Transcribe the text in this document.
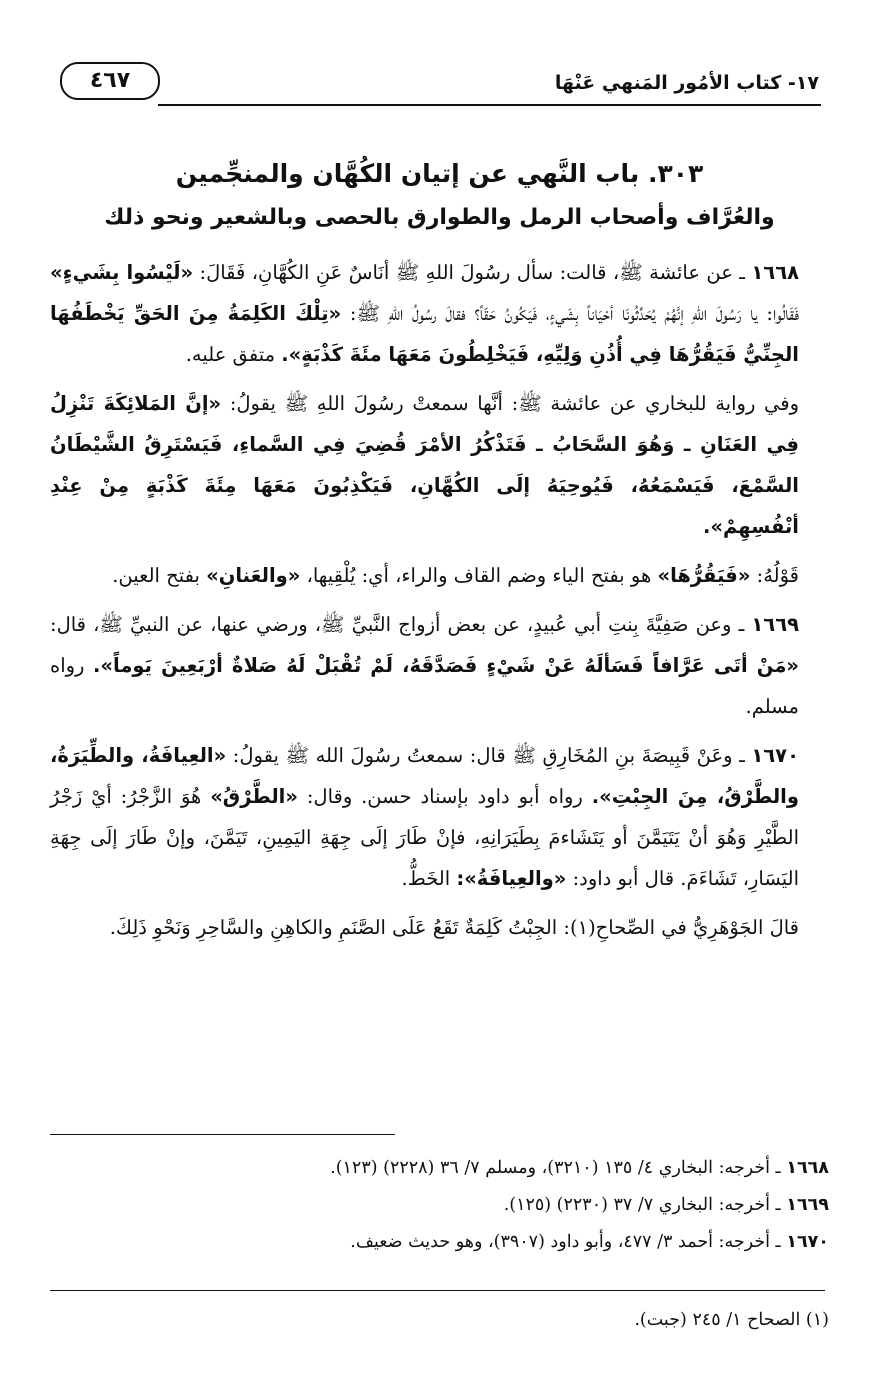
١٧- كتاب الأمُور المَنهي عَنْهَا
٤٦٧
٣٠٣. باب النَّهي عن إتيان الكُهَّان والمنجِّمين
والعُرَّاف وأصحاب الرمل والطوارق بالحصى وبالشعير ونحو ذلك

١٦٦٨ ـ عن عائشة ﷺ، قالت: سأل رسُولَ اللهِ ﷺ أنَاسٌ عَنِ الكُهَّانِ، فَقَالَ: «لَيْسُوا بِشَيءٍ» فَقَالُوا: يا رَسُولَ اللهِ إنَّهُمْ يُحَدِّثُونَا أحْيَاناً بِشَيءٍ، فَيَكُونُ حَقّاً؟ فقالَ رسُولُ اللهِ ﷺ: «تِلْكَ الكَلِمَةُ مِنَ الحَقِّ يَخْطَفُهَا الجِنِّيُّ فَيَقُرُّهَا فِي أُذُنِ وَلِيِّهِ، فَيَخْلِطُونَ مَعَهَا مئَةَ كَذْبَةٍ». متفق عليه.

وفي رواية للبخاري عن عائشة ﷺ: أنَّها سمعتْ رسُولَ اللهِ ﷺ يقولُ: «إنَّ المَلائِكَةَ تَنْزِلُ فِي العَنَانِ ـ وَهُوَ السَّحَابُ ـ فَتَذْكُرُ الأمْرَ قُضِيَ فِي السَّماءِ، فَيَسْتَرِقُ الشَّيْطَانُ السَّمْعَ، فَيَسْمَعُهُ، فَيُوحِيَهُ إلَى الكُهَّانِ، فَيَكْذِبُونَ مَعَهَا مِئَةَ كَذْبَةٍ مِنْ عِنْدِ أنْفُسِهِمْ».

قَوْلُهُ: «فَيَقُرُّهَا» هو بفتح الياء وضم القاف والراء، أي: يُلْقِيها، «والعَنانِ» بفتح العين.

١٦٦٩ ـ وعن صَفِيَّةَ بِنتِ أبي عُبيدٍ، عن بعض أزواج النَّبيِّ ﷺ، ورضي عنها، عن النبيِّ ﷺ، قال: «مَنْ أتَى عَرَّافاً فَسَألَهُ عَنْ شَيْءٍ فَصَدَّقَهُ، لَمْ تُقْبَلْ لَهُ صَلاةٌ أرْبَعِينَ يَوماً». رواه مسلم.

١٦٧٠ ـ وعَنْ قَبِيصَةَ بنِ المُخَارِقِ ﷺ قال: سمعتُ رسُولَ الله ﷺ يقولُ: «العِيافَةُ، والطِّيَرَةُ، والطَّرْقُ، مِنَ الجِبْتِ». رواه أبو داود بإسناد حسن. وقال: «الطَّرْقُ» هُوَ الزَّجْرُ: أيْ زَجْرُ الطَّيْرِ وَهُوَ أنْ يَتَيَمَّنَ أو يَتَشَاءمَ بِطَيَرَانِهِ، فإنْ طَارَ إلَى جِهَةِ اليَمِينِ، تَيَمَّنَ، وإنْ طَارَ إلَى جِهَةِ اليَسَارِ، تَشَاءَمَ. قال أبو داود: «والعِيافَةُ»: الخَطُّ.

قالَ الجَوْهَرِيُّ في الصِّحاحِ(١): الجِبْتُ كَلِمَةٌ تَقَعُ عَلَى الصَّنَمِ والكاهِنِ والسَّاحِرِ وَنَحْوِ ذَلِكَ.

١٦٦٨ ـ أخرجه: البخاري ٤/ ١٣٥ (٣٢١٠)، ومسلم ٧/ ٣٦ (٢٢٢٨) (١٢٣).
١٦٦٩ ـ أخرجه: البخاري ٧/ ٣٧ (٢٢٣٠) (١٢٥).
١٦٧٠ ـ أخرجه: أحمد ٣/ ٤٧٧، وأبو داود (٣٩٠٧)، وهو حديث ضعيف.
(١) الصحاح ١/ ٢٤٥ (جبت).
